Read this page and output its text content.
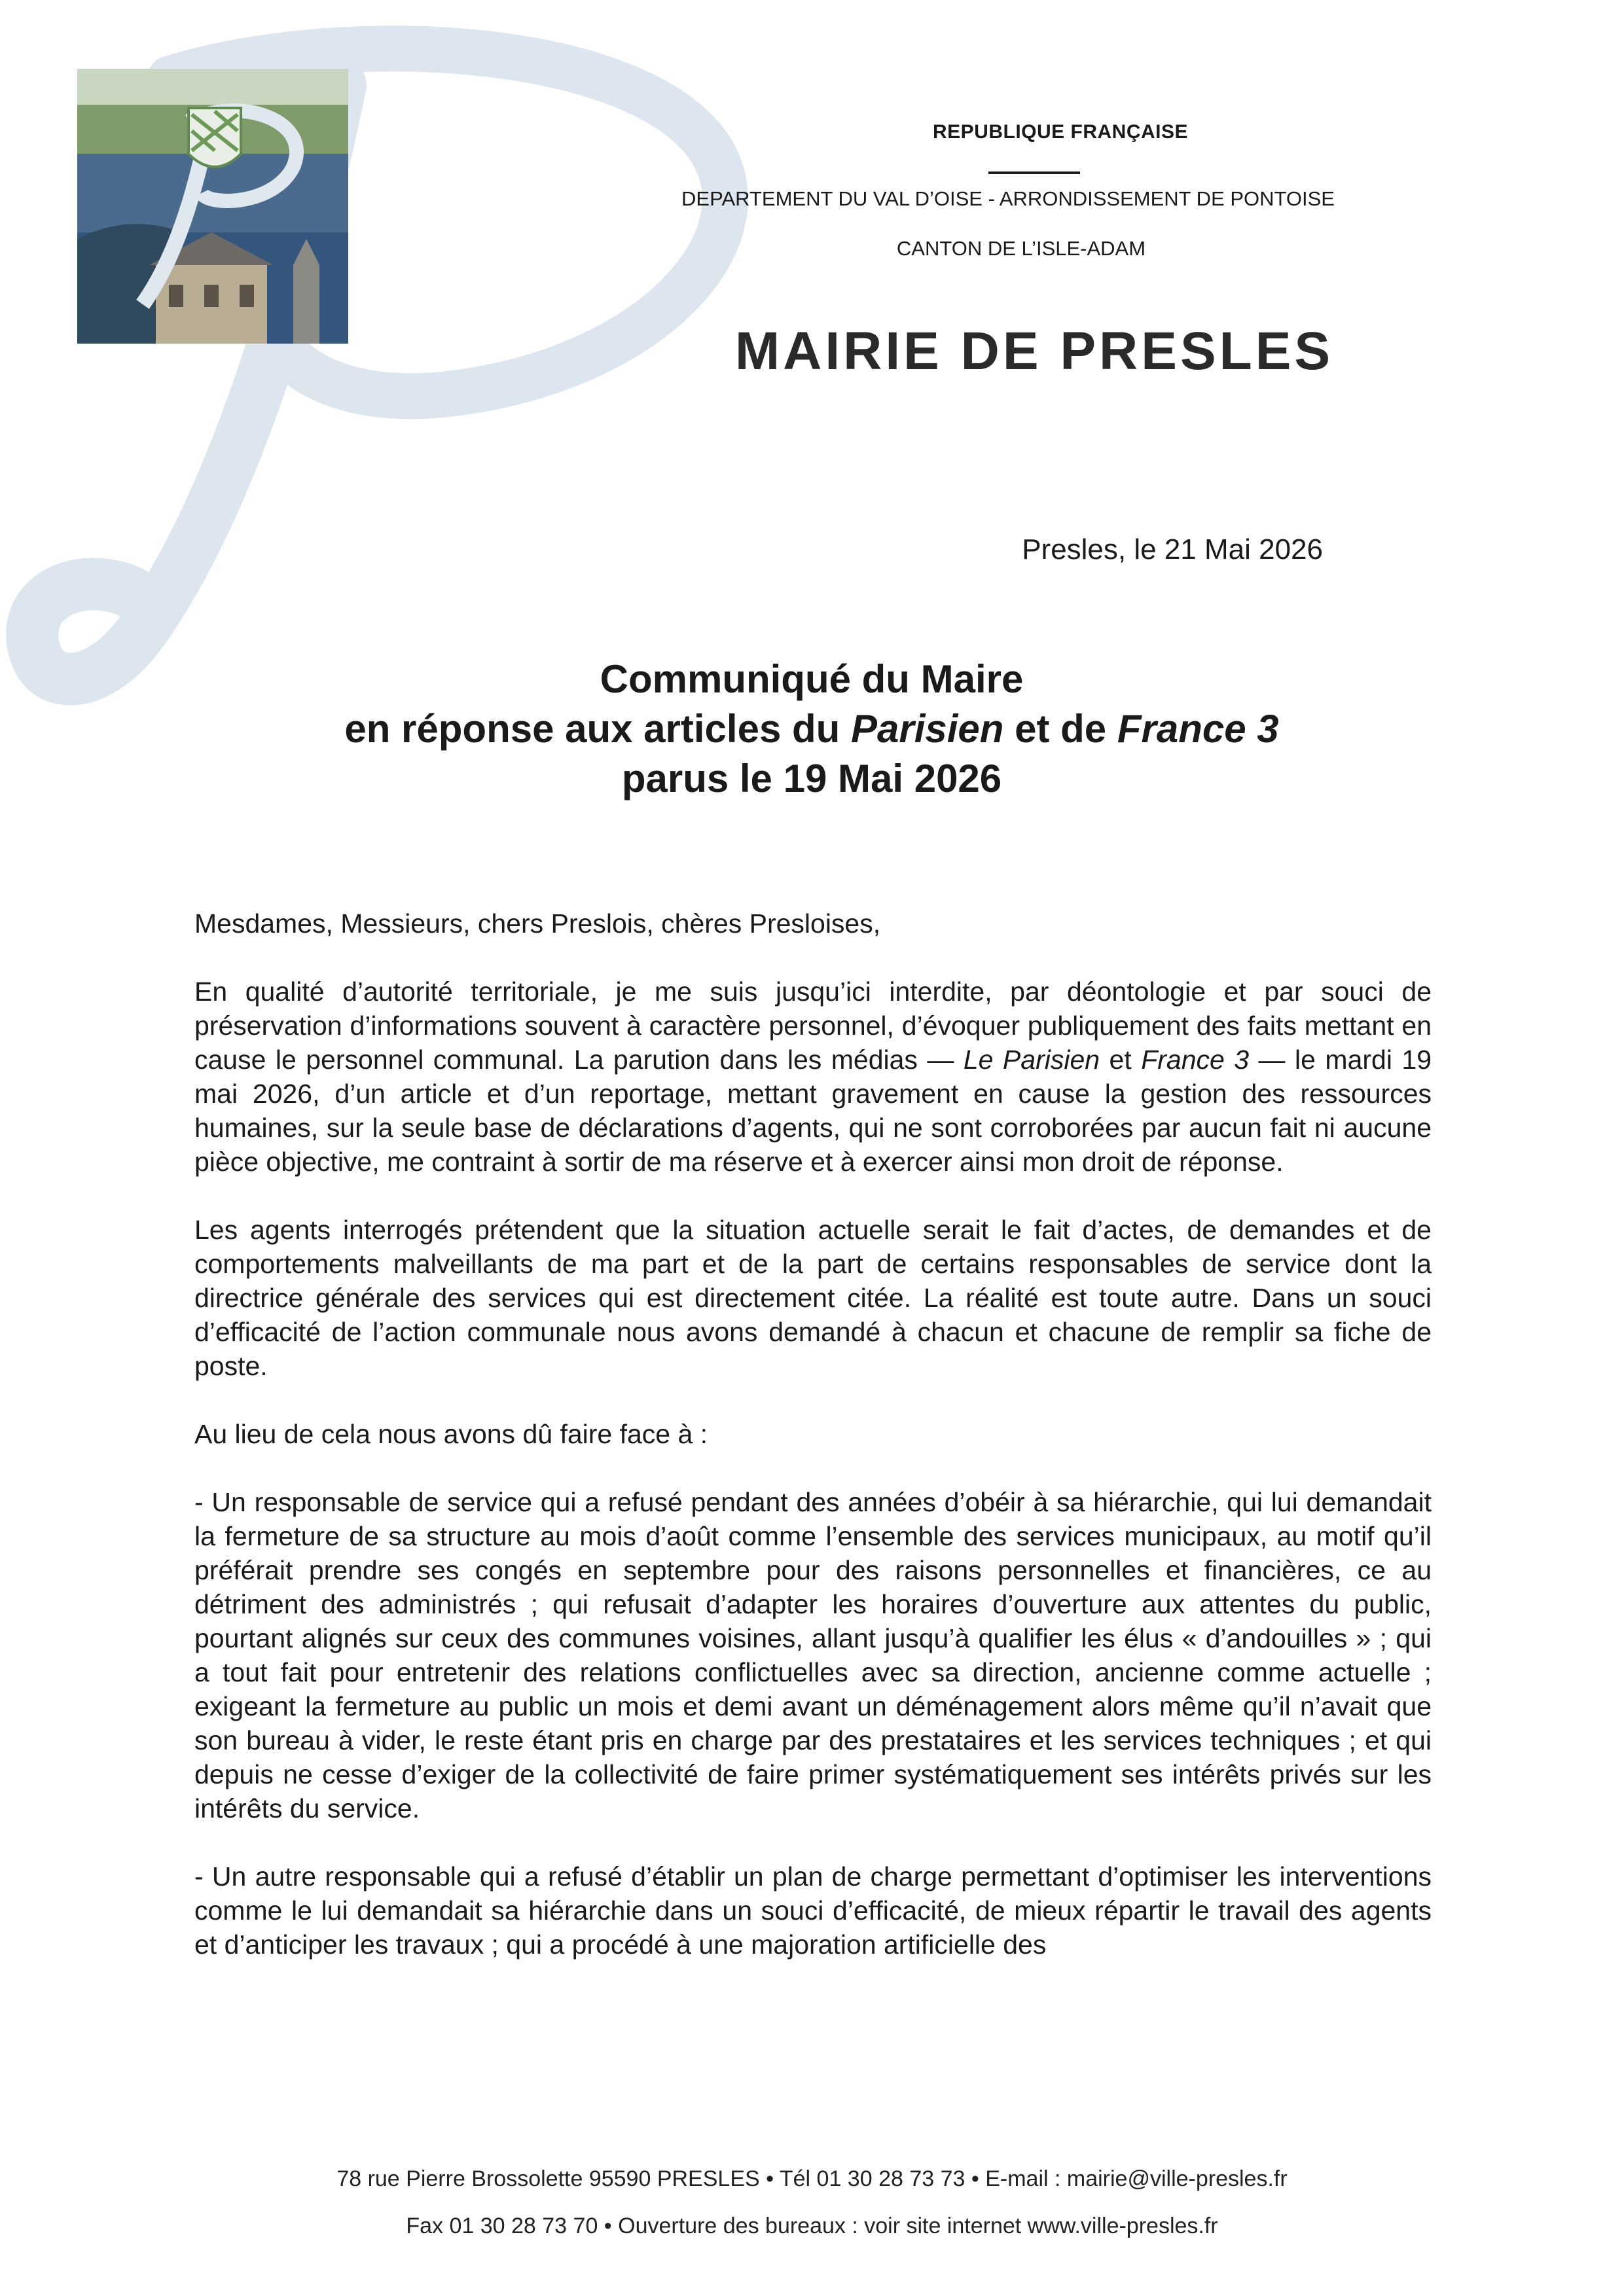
REPUBLIQUE FRANÇAISE
DEPARTEMENT DU VAL D’OISE - ARRONDISSEMENT DE PONTOISE
CANTON DE L’ISLE-ADAM
MAIRIE DE PRESLES
Presles, le 21 Mai 2026
Communiqué du Maire
en réponse aux articles du Parisien et de France 3
parus le 19 Mai 2026

Mesdames, Messieurs, chers Preslois, chères Presloises,

En qualité d’autorité territoriale, je me suis jusqu’ici interdite, par déontologie et par souci de préservation d’informations souvent à caractère personnel, d’évoquer publiquement des faits mettant en cause le personnel communal. La parution dans les médias — Le Parisien et France 3 — le mardi 19 mai 2026, d’un article et d’un reportage, mettant gravement en cause la gestion des ressources humaines, sur la seule base de déclarations d’agents, qui ne sont corroborées par aucun fait ni aucune pièce objective, me contraint à sortir de ma réserve et à exercer ainsi mon droit de réponse.

Les agents interrogés prétendent que la situation actuelle serait le fait d’actes, de demandes et de comportements malveillants de ma part et de la part de certains responsables de service dont la directrice générale des services qui est directement citée. La réalité est toute autre. Dans un souci d’efficacité de l’action communale nous avons demandé à chacun et chacune de remplir sa fiche de poste.

Au lieu de cela nous avons dû faire face à :

- Un responsable de service qui a refusé pendant des années d’obéir à sa hiérarchie, qui lui demandait la fermeture de sa structure au mois d’août comme l’ensemble des services municipaux, au motif qu’il préférait prendre ses congés en septembre pour des raisons personnelles et financières, ce au détriment des administrés ; qui refusait d’adapter les horaires d’ouverture aux attentes du public, pourtant alignés sur ceux des communes voisines, allant jusqu’à qualifier les élus « d’andouilles » ; qui a tout fait pour entretenir des relations conflictuelles avec sa direction, ancienne comme actuelle ; exigeant la fermeture au public un mois et demi avant un déménagement alors même qu’il n’avait que son bureau à vider, le reste étant pris en charge par des prestataires et les services techniques ; et qui depuis ne cesse d’exiger de la collectivité de faire primer systématiquement ses intérêts privés sur les intérêts du service.

- Un autre responsable qui a refusé d’établir un plan de charge permettant d’optimiser les interventions comme le lui demandait sa hiérarchie dans un souci d’efficacité, de mieux répartir le travail des agents et d’anticiper les travaux ; qui a procédé à une majoration artificielle des

78 rue Pierre Brossolette 95590 PRESLES • Tél 01 30 28 73 73 • E-mail : mairie@ville-presles.fr
Fax 01 30 28 73 70 • Ouverture des bureaux : voir site internet www.ville-presles.fr
